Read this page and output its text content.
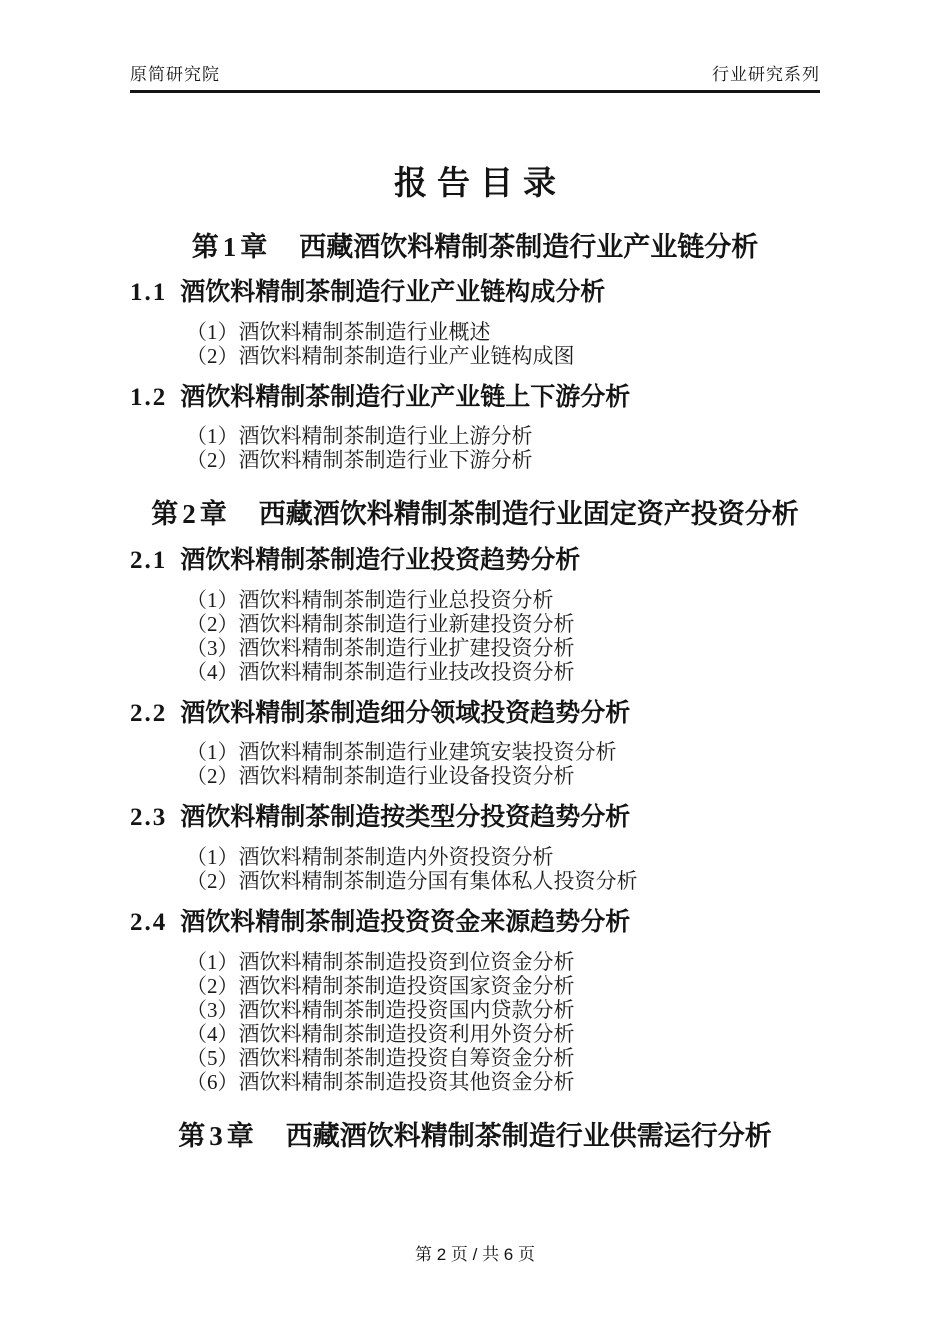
原简研究院	行业研究系列
报告目录
第1章 西藏酒饮料精制茶制造行业产业链分析
1.1 酒饮料精制茶制造行业产业链构成分析
（1）酒饮料精制茶制造行业概述
（2）酒饮料精制茶制造行业产业链构成图
1.2 酒饮料精制茶制造行业产业链上下游分析
（1）酒饮料精制茶制造行业上游分析
（2）酒饮料精制茶制造行业下游分析
第2章 西藏酒饮料精制茶制造行业固定资产投资分析
2.1 酒饮料精制茶制造行业投资趋势分析
（1）酒饮料精制茶制造行业总投资分析
（2）酒饮料精制茶制造行业新建投资分析
（3）酒饮料精制茶制造行业扩建投资分析
（4）酒饮料精制茶制造行业技改投资分析
2.2 酒饮料精制茶制造细分领域投资趋势分析
（1）酒饮料精制茶制造行业建筑安装投资分析
（2）酒饮料精制茶制造行业设备投资分析
2.3 酒饮料精制茶制造按类型分投资趋势分析
（1）酒饮料精制茶制造内外资投资分析
（2）酒饮料精制茶制造分国有集体私人投资分析
2.4 酒饮料精制茶制造投资资金来源趋势分析
（1）酒饮料精制茶制造投资到位资金分析
（2）酒饮料精制茶制造投资国家资金分析
（3）酒饮料精制茶制造投资国内贷款分析
（4）酒饮料精制茶制造投资利用外资分析
（5）酒饮料精制茶制造投资自筹资金分析
（6）酒饮料精制茶制造投资其他资金分析
第3章 西藏酒饮料精制茶制造行业供需运行分析
第 2 页 / 共 6 页
